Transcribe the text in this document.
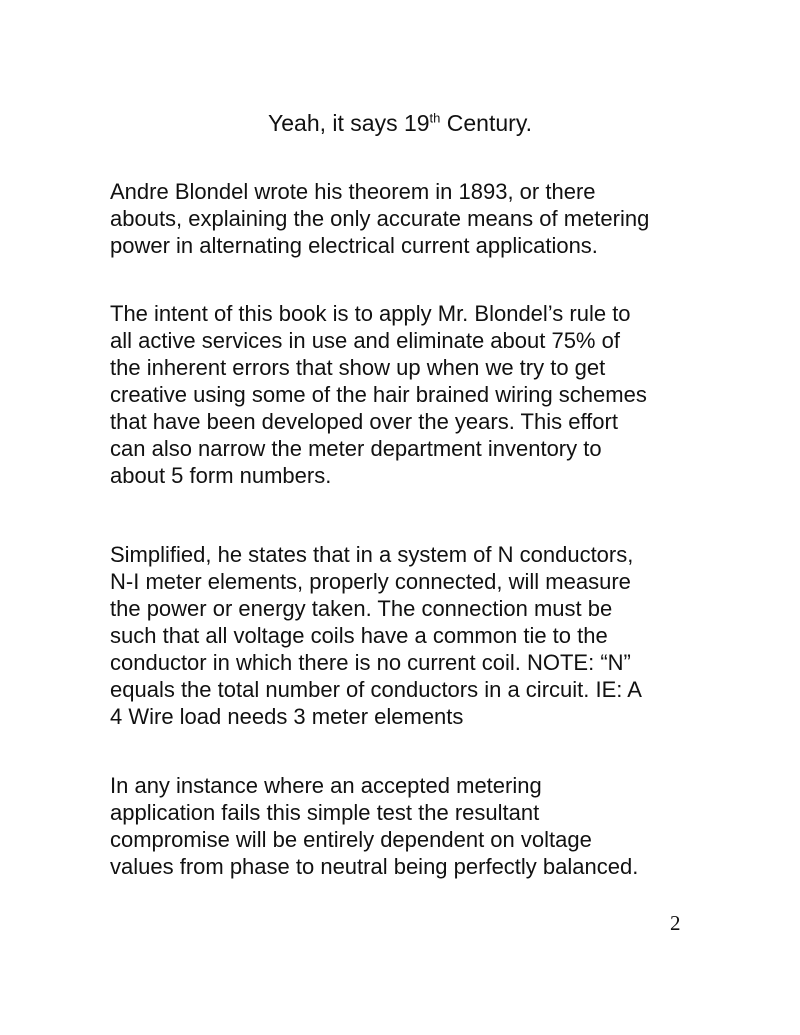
Yeah, it says 19th Century.
Andre Blondel wrote his theorem in 1893, or there
abouts, explaining the only accurate means of metering
power in alternating electrical current applications.
The intent of this book is to apply Mr. Blondel’s rule to
all active services in use and eliminate about 75% of
the inherent errors that show up when we try to get
creative using some of the hair brained wiring schemes
that have been developed over the years. This effort
can also narrow the meter department inventory to
about 5 form numbers.
Simplified, he states that in a system of N conductors,
N-I meter elements, properly connected, will measure
the power or energy taken. The connection must be
such that all voltage coils have a common tie to the
conductor in which there is no current coil. NOTE: “N”
equals the total number of conductors in a circuit. IE: A
4 Wire load needs 3 meter elements
In any instance where an accepted metering
application fails this simple test the resultant
compromise will be entirely dependent on voltage
values from phase to neutral being perfectly balanced.
2
